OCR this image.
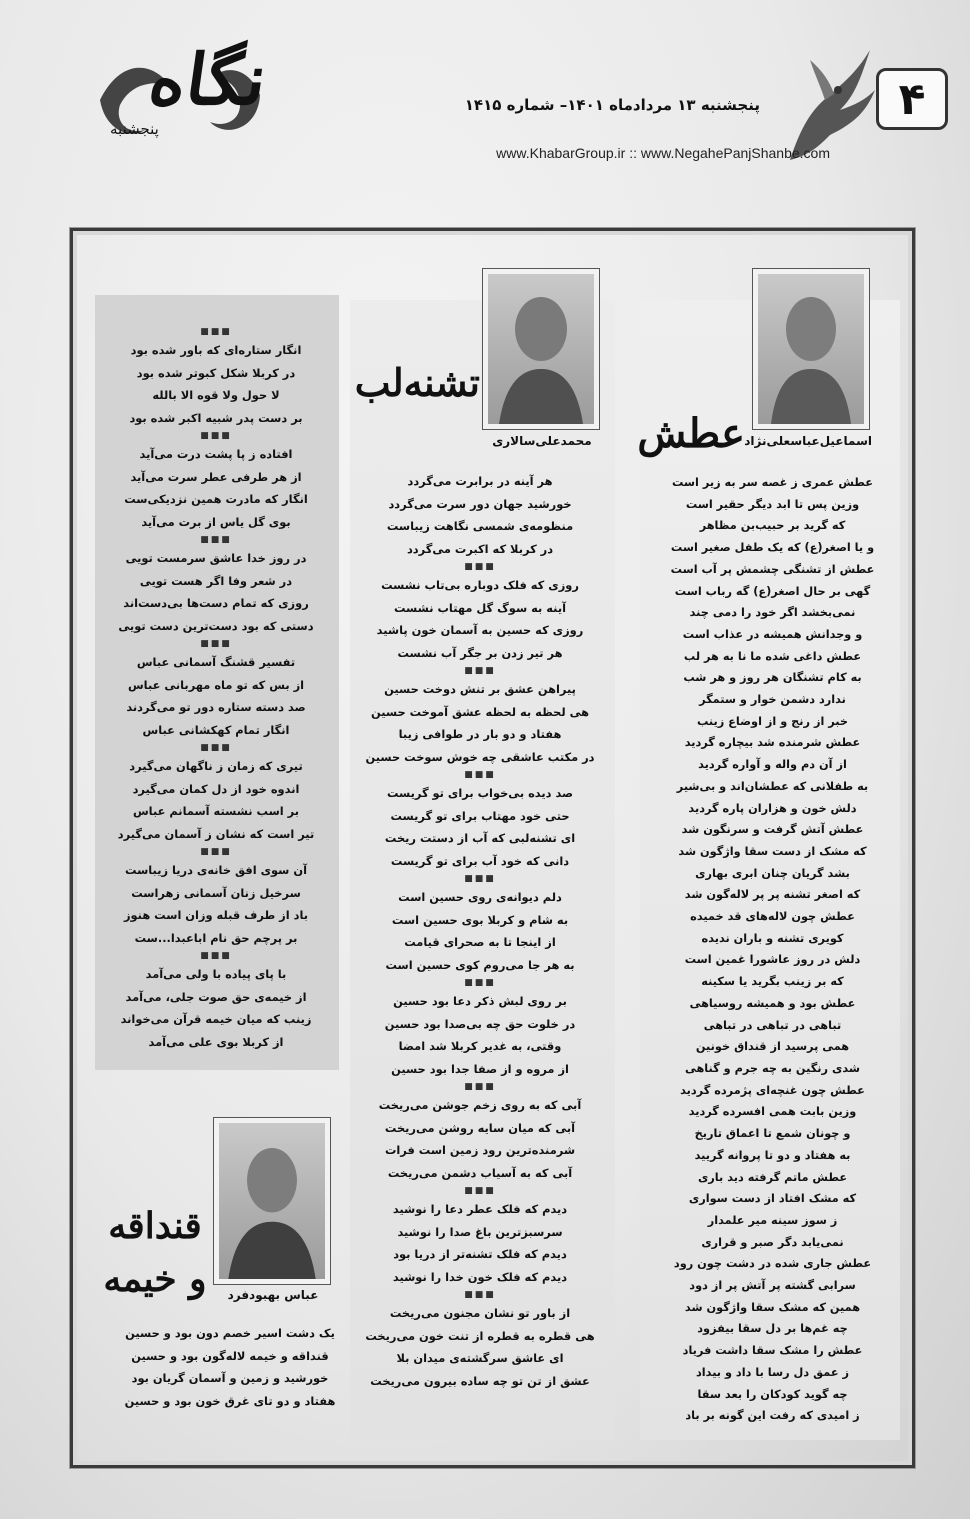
۴
نگاه
پنجشنبه
پنجشنبه ۱۳ مردادماه ۱۴۰۱– شماره ۱۴۱۵
www.KhabarGroup.ir :: www.NegahePanjShanbe.com
اسماعیل‌عباسعلی‌نژاد
عطش
عطش عمری ز غصه سر به زیر است
وزین پس تا ابد دیگر حقیر است
که گرید بر حبیب‌بن مظاهر
و یا اصغر(ع) که یک طفل صغیر است
عطش از تشنگی چشمش پر آب است
گهی بر حال اصغر(ع) گه رباب است
نمی‌بخشد اگر خود را دمی چند
و وجدانش همیشه در عذاب است
عطش داغی شده ما نا به هر لب
به کام تشنگان هر روز و هر شب
ندارد دشمن خوار و ستمگر
خبر از رنج و از اوضاع زینب
عطش شرمنده شد بیچاره گردید
از آن دم واله و آواره گردید
به طفلانی که عطشان‌اند و بی‌شیر
دلش خون و هزاران پاره گردید
عطش آتش گرفت و سرنگون شد
که مشک از دست سقا واژگون شد
بشد گریان چنان ابری بهاری
که اصغر تشنه پر پر لاله‌گون شد
عطش چون لاله‌های قد خمیده
کویری تشنه و باران ندیده
دلش در روز عاشورا غمین است
که بر زینب بگرید یا سکینه
عطش بود و همیشه روسیاهی
تباهی در تباهی در تباهی
همی پرسید از قنداق خونین
شدی رنگین به چه جرم و گناهی
عطش چون غنچه‌ای پژمرده گردید
وزین بابت همی افسرده گردید
و چونان شمع تا اعماق تاریخ
به هفتاد و دو تا پروانه گریید
عطش ماتم گرفته دید باری
که مشک افتاد از دست سواری
ز سوز سینه میر علمدار
نمی‌یابد دگر صبر و قراری
عطش جاری شده در دشت چون رود
سرابی گشته پر آتش پر از دود
همین که مشک سقا واژگون شد
چه غم‌ها بر دل سقا بیفزود
عطش را مشک سقا داشت فریاد
ز عمق دل رسا با داد و بیداد
چه گوید کودکان را بعد سقا
ز امیدی که رفت این گونه بر باد
محمدعلی‌سالاری
تشنه‌لب
هر آینه در برابرت می‌گردد
خورشید جهان دور سرت می‌گردد
منظومه‌ی شمسی نگاهت زیباست
در کربلا که اکبرت می‌گردد
■■■
روزی که فلک دوباره بی‌تاب نشست
آینه به سوگ گل مهتاب نشست
روزی که حسین به آسمان خون پاشید
هر تیر زدن بر جگر آب نشست
■■■
پیراهن عشق بر تنش دوخت حسین
هی لحظه به لحظه عشق آموخت حسین
هفتاد و دو بار در طوافی زیبا
در مکتب عاشقی چه خوش سوخت حسین
■■■
صد دیده بی‌خواب برای تو گریست
حتی خود مهتاب برای تو گریست
ای تشنه‌لبی که آب از دستت ریخت
دانی که خود آب برای تو گریست
■■■
دلم دیوانه‌ی روی حسین است
به شام و کربلا بوی حسین است
از اینجا تا به صحرای قیامت
به هر جا می‌روم کوی حسین است
■■■
بر روی لبش ذکر دعا بود حسین
در خلوت حق چه بی‌صدا بود حسین
وقتی، به غدیر کربلا شد امضا
از مروه و از صفا جدا بود حسین
■■■
آبی که به روی زخم جوشن می‌ریخت
آبی که میان سایه روشن می‌ریخت
شرمنده‌ترین رود زمین است فرات
آبی که به آسیاب دشمن می‌ریخت
■■■
دیدم که فلک عطر دعا را نوشید
سرسبزترین باغ صدا را نوشید
دیدم که فلک تشنه‌تر از دریا بود
دیدم که فلک خون خدا را نوشید
■■■
از باور تو نشان مجنون می‌ریخت
هی قطره به قطره از تنت خون می‌ریخت
ای عاشق سرگشته‌ی میدان بلا
عشق از تن تو چه ساده بیرون می‌ریخت
■■■
انگار ستاره‌ای که باور شده بود
در کربلا شکل کبوتر شده بود
لا حول ولا قوه الا بالله
بر دست پدر شبیه اکبر شده بود
■■■
افتاده ز پا پشت درت می‌آید
از هر طرفی عطر سرت می‌آید
انگار که مادرت همین نزدیکی‌ست
بوی گل یاس از برت می‌آید
■■■
در روز خدا عاشق سرمست تویی
در شعر وفا اگر هست تویی
روزی که تمام دست‌ها بی‌دست‌اند
دستی که بود دست‌ترین دست تویی
■■■
تفسیر قشنگ آسمانی عباس
از بس که تو ماه مهربانی عباس
صد دسته ستاره دور تو می‌گردند
انگار تمام کهکشانی عباس
■■■
تیری که زمان ز ناگهان می‌گیرد
اندوه خود از دل کمان می‌گیرد
بر اسب نشسته آسمانم عباس
تیر است که نشان ز آسمان می‌گیرد
■■■
آن سوی افق خانه‌ی دریا زیباست
سرخیل زنان آسمانی زهراست
باد از طرف قبله وزان است هنوز
بر پرچم حق نام اباعبدا...ست
■■■
با پای پیاده با ولی می‌آمد
از خیمه‌ی حق صوت جلی، می‌آمد
زینب که میان خیمه قرآن می‌خواند
از کربلا بوی علی می‌آمد
عباس بهبودفرد
قنداقه
و خیمه
یک دشت اسیر خصم دون بود و حسین
قنداقه و خیمه لاله‌گون بود و حسین
خورشید و زمین و آسمان گریان بود
هفتاد و دو تای غرق خون بود و حسین
